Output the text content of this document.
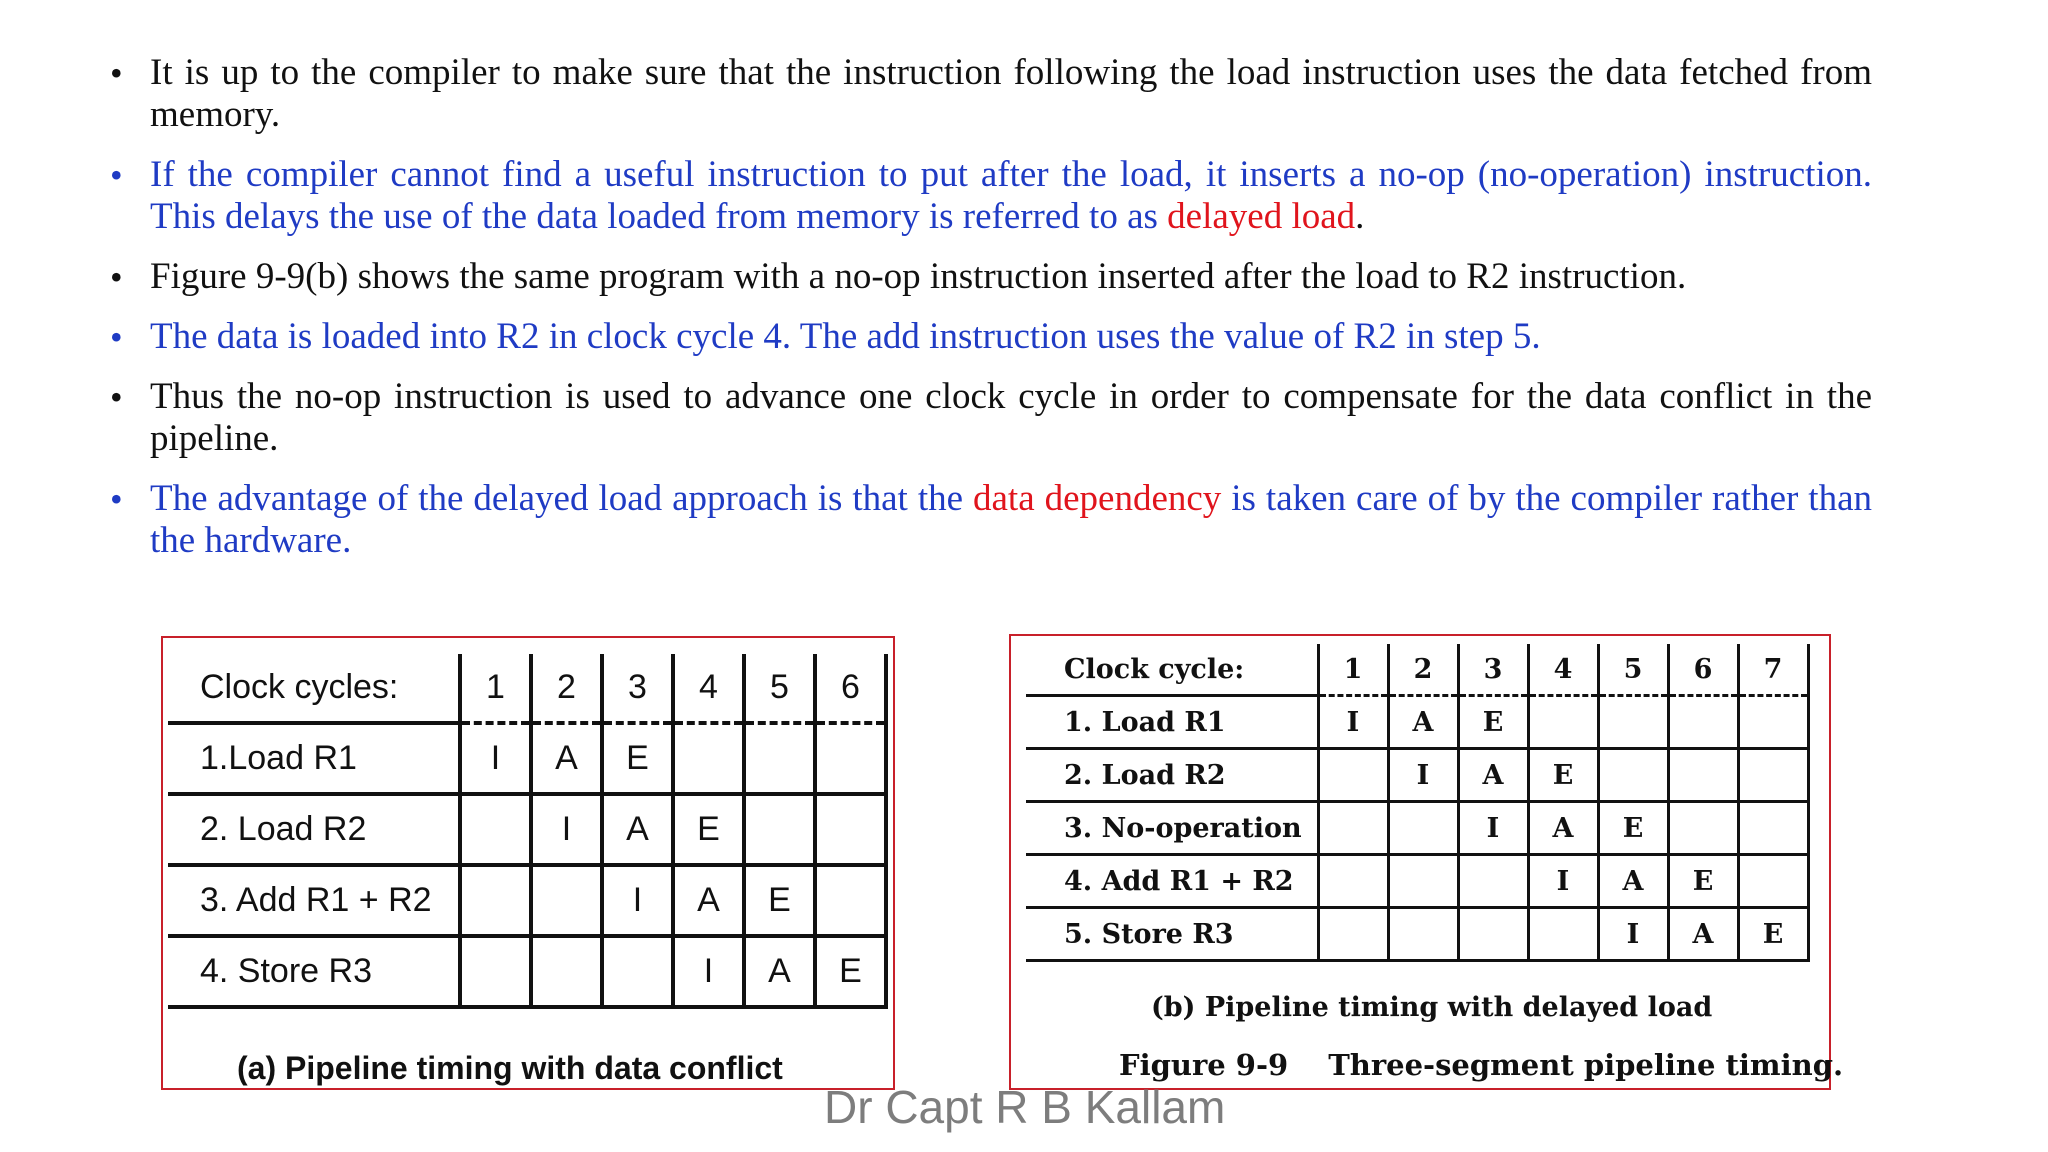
• It is up to the compiler to make sure that the instruction following the load instruction uses the data fetched from memory.
• If the compiler cannot find a useful instruction to put after the load, it inserts a no-op (no-operation) instruction. This delays the use of the data loaded from memory is referred to as delayed load.
• Figure 9-9(b) shows the same program with a no-op instruction inserted after the load to R2 instruction.
• The data is loaded into R2 in clock cycle 4. The add instruction uses the value of R2 in step 5.
• Thus the no-op instruction is used to advance one clock cycle in order to compensate for the data conflict in the pipeline.
• The advantage of the delayed load approach is that the data dependency is taken care of by the compiler rather than the hardware.
Clock cycles:	1	2	3	4	5	6
1.Load R1	I	A	E			
2. Load R2		I	A	E		
3. Add R1 + R2			I	A	E	
4. Store R3				I	A	E
(a) Pipeline timing with data conflict
Clock cycle:	1	2	3	4	5	6	7
1. Load R1	I	A	E				
2. Load R2		I	A	E			
3. No-operation			I	A	E		
4. Add R1 + R2				I	A	E	
5. Store R3					I	A	E
(b) Pipeline timing with delayed load
Figure 9-9 Three-segment pipeline timing.
Dr Capt R B Kallam
